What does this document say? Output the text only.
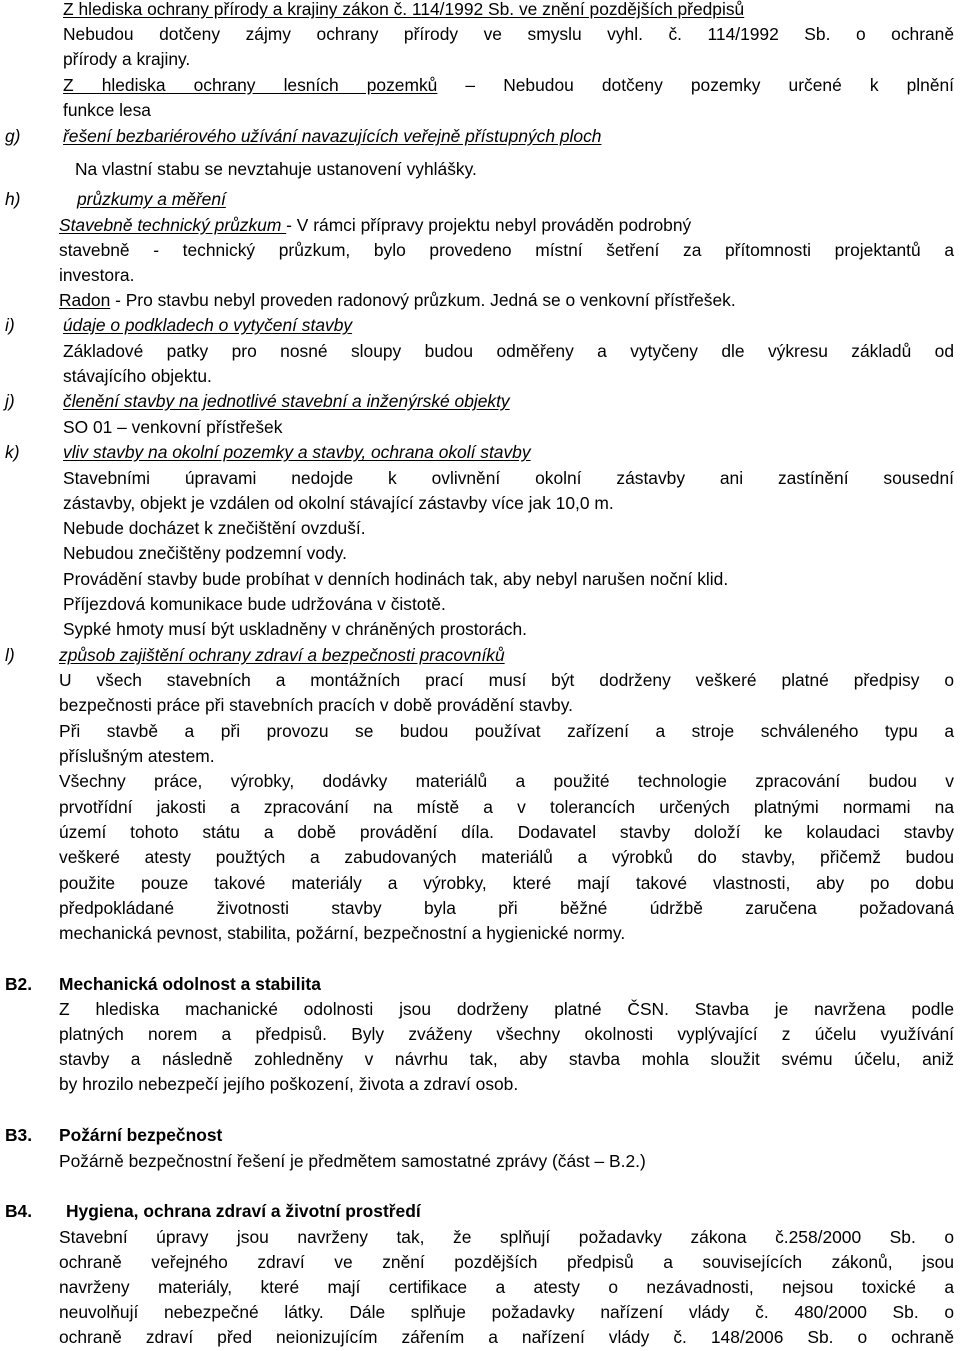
Z hlediska ochrany přírody a krajiny zákon č. 114/1992 Sb. ve znění pozdějších předpisů
Nebudou dotčeny zájmy ochrany přírody ve smyslu vyhl. č. 114/1992 Sb. o ochraně
přírody a krajiny.
Z hlediska ochrany lesních pozemků – Nebudou dotčeny pozemky určené k plnění
funkce lesa
g) řešení bezbariérového užívání navazujících veřejně přístupných ploch
Na vlastní stabu se nevztahuje ustanovení vyhlášky.
h)	průzkumy a měření
Stavebně technický průzkum - V rámci přípravy projektu nebyl prováděn podrobný
stavebně - technický průzkum, bylo provedeno místní šetření za přítomnosti projektantů a
investora.
Radon - Pro stavbu nebyl proveden radonový průzkum. Jedná se o venkovní přístřešek.
i)	údaje o podkladech o vytyčení stavby
Základové patky pro nosné sloupy budou odměřeny a vytyčeny dle výkresu základů od
stávajícího objektu.
j)	členění stavby na jednotlivé stavební a inženýrské objekty
SO 01 – venkovní přístřešek
k)	vliv stavby na okolní pozemky a stavby, ochrana okolí stavby
Stavebními úpravami nedojde k ovlivnění okolní zástavby ani zastínění sousední
zástavby, objekt je vzdálen od okolní stávající zástavby více jak 10,0 m.
Nebude docházet k znečištění ovzduší.
Nebudou znečištěny podzemní vody.
Provádění stavby bude probíhat v denních hodinách tak, aby nebyl narušen noční klid.
Příjezdová komunikace bude udržována v čistotě.
Sypké hmoty musí být uskladněny v chráněných prostorách.
l)	způsob zajištění ochrany zdraví a bezpečnosti pracovníků
U všech stavebních a montážních prací musí být dodrženy veškeré platné předpisy o
bezpečnosti práce při stavebních pracích v době provádění stavby.
Při stavbě a při provozu se budou používat zařízení a stroje schváleného typu a
příslušným atestem.
Všechny práce, výrobky, dodávky materiálů a použité technologie zpracování budou v
prvotřídní jakosti a zpracování na místě a v tolerancích určených platnými normami na
území tohoto státu a době provádění díla. Dodavatel stavby doloží ke kolaudaci stavby
veškeré atesty použtých a zabudovaných materiálů a výrobků do stavby, přičemž budou
použite pouze takové materiály a výrobky, které mají takové vlastnosti, aby po dobu
předpokládané životnosti stavby byla při běžné údržbě zaručena požadovaná
mechanická pevnost, stabilita, požární, bezpečnostní a hygienické normy.
B2. Mechanická odolnost a stabilita
Z hlediska machanické odolnosti jsou dodrženy platné ČSN. Stavba je navržena podle
platných norem a předpisů. Byly zváženy všechny okolnosti vyplývající z účelu využívání
stavby a následně zohledněny v návrhu tak, aby stavba mohla sloužit svému účelu, aniž
by hrozilo nebezpečí jejího poškození, života a zdraví osob.
B3. Požární bezpečnost
Požárně bezpečnostní řešení je předmětem samostatné zprávy (část – B.2.)
B4. Hygiena, ochrana zdraví a životní prostředí
Stavební úpravy jsou navrženy tak, že splňují požadavky zákona č.258/2000 Sb. o
ochraně veřejného zdraví ve znění pozdějších předpisů a souvisejících zákonů, jsou
navrženy materiály, které mají certifikace a atesty o nezávadnosti, nejsou toxické a
neuvolňují nebezpečné látky. Dále splňuje požadavky nařízení vlády č. 480/2000 Sb. o
ochraně zdraví před neionizujícím zářením a nařízení vlády č. 148/2006 Sb. o ochraně
